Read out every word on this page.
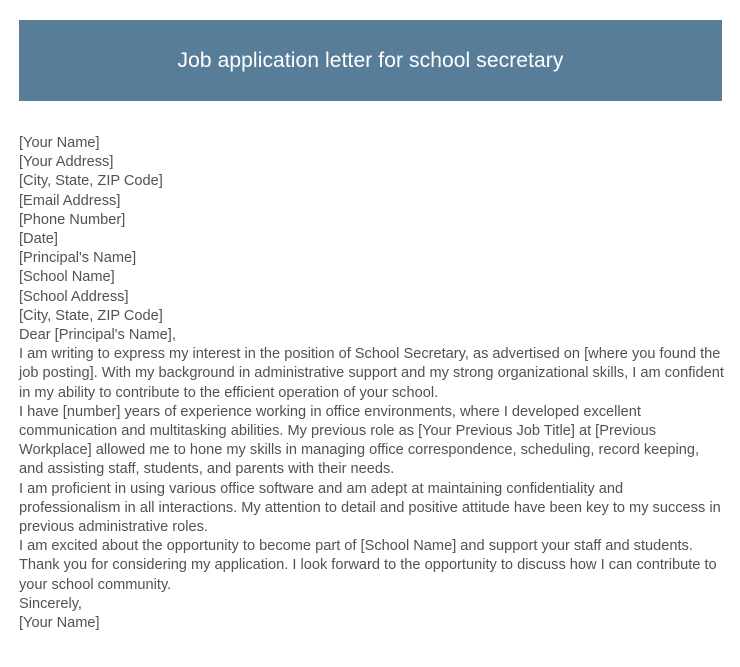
Job application letter for school secretary
[Your Name]
[Your Address]
[City, State, ZIP Code]
[Email Address]
[Phone Number]
[Date]
[Principal's Name]
[School Name]
[School Address]
[City, State, ZIP Code]
Dear [Principal's Name],

I am writing to express my interest in the position of School Secretary, as advertised on [where you found the job posting]. With my background in administrative support and my strong organizational skills, I am confident in my ability to contribute to the efficient operation of your school.

I have [number] years of experience working in office environments, where I developed excellent communication and multitasking abilities. My previous role as [Your Previous Job Title] at [Previous Workplace] allowed me to hone my skills in managing office correspondence, scheduling, record keeping, and assisting staff, students, and parents with their needs.

I am proficient in using various office software and am adept at maintaining confidentiality and professionalism in all interactions. My attention to detail and positive attitude have been key to my success in previous administrative roles.

I am excited about the opportunity to become part of [School Name] and support your staff and students. Thank you for considering my application. I look forward to the opportunity to discuss how I can contribute to your school community.

Sincerely,
[Your Name]
